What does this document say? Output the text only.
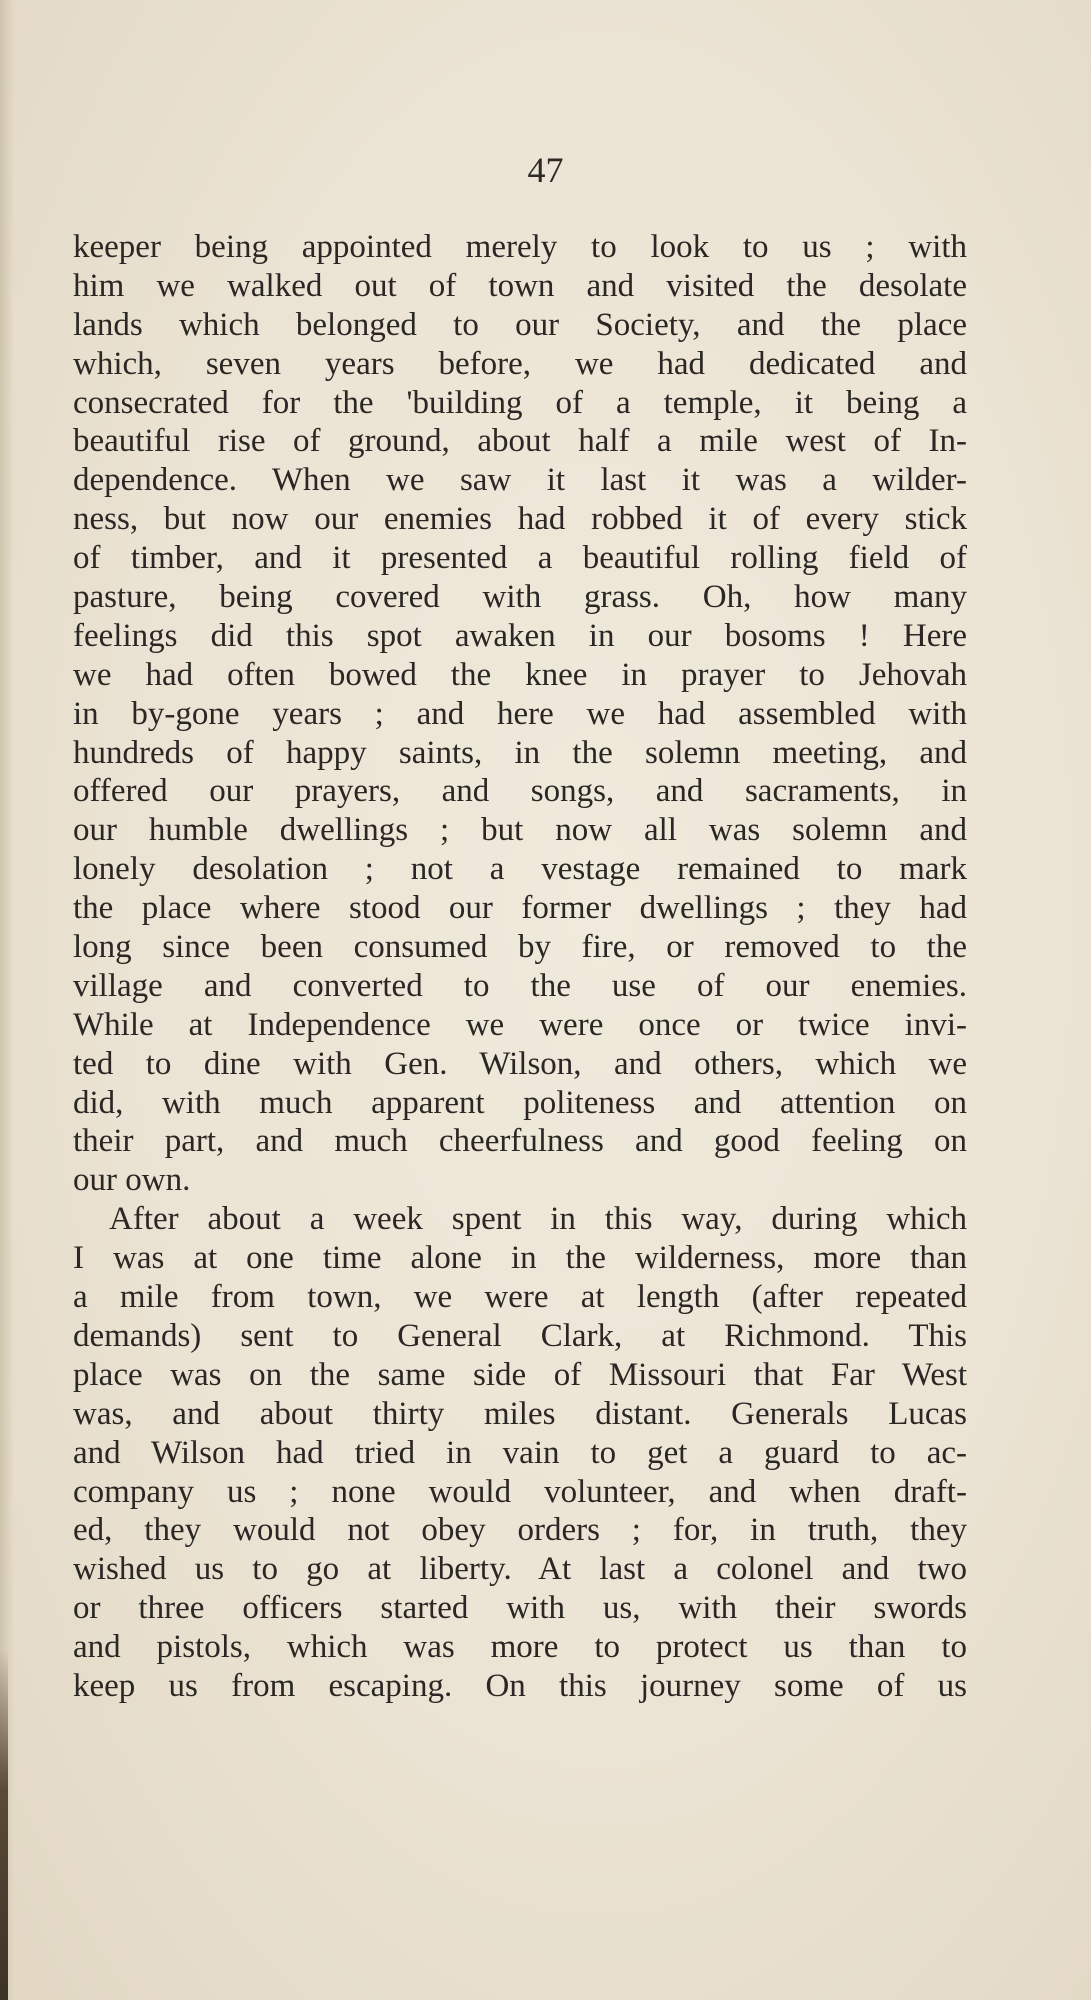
47
keeper being appointed merely to look to us ; with
him we walked out of town and visited the desolate
lands which belonged to our Society, and the place
which, seven years before, we had dedicated and
consecrated for the 'building of a temple, it being a
beautiful rise of ground, about half a mile west of In-
dependence. When we saw it last it was a wilder-
ness, but now our enemies had robbed it of every stick
of timber, and it presented a beautiful rolling field of
pasture, being covered with grass. Oh, how many
feelings did this spot awaken in our bosoms ! Here
we had often bowed the knee in prayer to Jehovah
in by-gone years ; and here we had assembled with
hundreds of happy saints, in the solemn meeting, and
offered our prayers, and songs, and sacraments, in
our humble dwellings ; but now all was solemn and
lonely desolation ; not a vestage remained to mark
the place where stood our former dwellings ; they had
long since been consumed by fire, or removed to the
village and converted to the use of our enemies.
While at Independence we were once or twice invi-
ted to dine with Gen. Wilson, and others, which we
did, with much apparent politeness and attention on
their part, and much cheerfulness and good feeling on
our own.
After about a week spent in this way, during which
I was at one time alone in the wilderness, more than
a mile from town, we were at length (after repeated
demands) sent to General Clark, at Richmond. This
place was on the same side of Missouri that Far West
was, and about thirty miles distant. Generals Lucas
and Wilson had tried in vain to get a guard to ac-
company us ; none would volunteer, and when draft-
ed, they would not obey orders ; for, in truth, they
wished us to go at liberty. At last a colonel and two
or three officers started with us, with their swords
and pistols, which was more to protect us than to
keep us from escaping. On this journey some of us
